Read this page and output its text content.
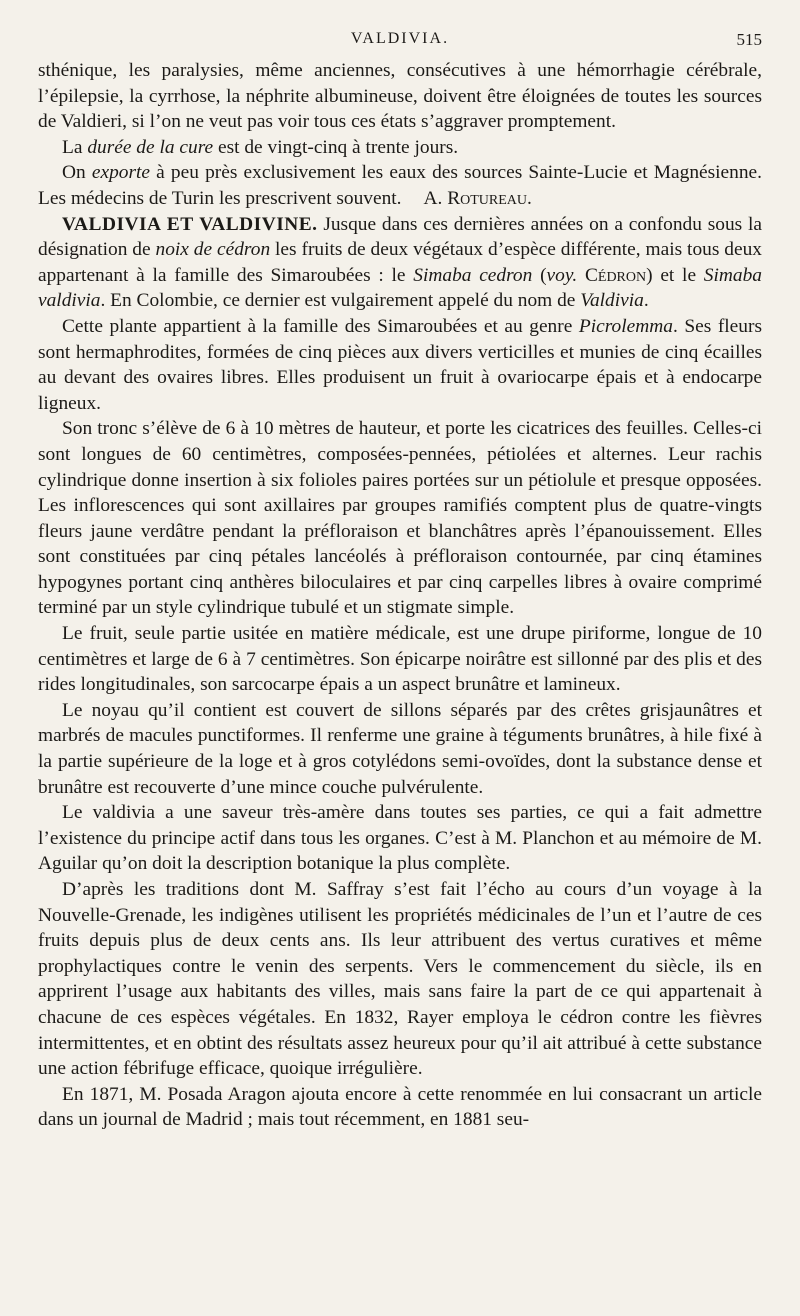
VALDIVIA.	515

sthénique, les paralysies, même anciennes, consécutives à une hémorrhagie cérébrale, l’épilepsie, la cyrrhose, la néphrite albumineuse, doivent être éloignées de toutes les sources de Valdieri, si l’on ne veut pas voir tous ces états s’aggraver promptement.

La durée de la cure est de vingt-cinq à trente jours.

On exporte à peu près exclusivement les eaux des sources Sainte-Lucie et Magnésienne. Les médecins de Turin les prescrivent souvent. A. Rotureau.

VALDIVIA ET VALDIVINE. Jusque dans ces dernières années on a confondu sous la désignation de noix de cédron les fruits de deux végétaux d’espèce différente, mais tous deux appartenant à la famille des Simaroubées : le Simaba cedron (voy. Cédron) et le Simaba valdivia. En Colombie, ce dernier est vulgairement appelé du nom de Valdivia.

Cette plante appartient à la famille des Simaroubées et au genre Picrolemma. Ses fleurs sont hermaphrodites, formées de cinq pièces aux divers verticilles et munies de cinq écailles au devant des ovaires libres. Elles produisent un fruit à ovariocarpe épais et à endocarpe ligneux.

Son tronc s’élève de 6 à 10 mètres de hauteur, et porte les cicatrices des feuilles. Celles-ci sont longues de 60 centimètres, composées-pennées, pétiolées et alternes. Leur rachis cylindrique donne insertion à six folioles paires portées sur un pétiolule et presque opposées. Les inflorescences qui sont axillaires par groupes ramifiés comptent plus de quatre-vingts fleurs jaune verdâtre pendant la préfloraison et blanchâtres après l’épanouissement. Elles sont constituées par cinq pétales lancéolés à préfloraison contournée, par cinq étamines hypogynes portant cinq anthères biloculaires et par cinq carpelles libres à ovaire comprimé terminé par un style cylindrique tubulé et un stigmate simple.

Le fruit, seule partie usitée en matière médicale, est une drupe piriforme, longue de 10 centimètres et large de 6 à 7 centimètres. Son épicarpe noirâtre est sillonné par des plis et des rides longitudinales, son sarcocarpe épais a un aspect brunâtre et lamineux.

Le noyau qu’il contient est couvert de sillons séparés par des crêtes grisjaunâtres et marbrés de macules punctiformes. Il renferme une graine à téguments brunâtres, à hile fixé à la partie supérieure de la loge et à gros cotylédons semi-ovoïdes, dont la substance dense et brunâtre est recouverte d’une mince couche pulvérulente.

Le valdivia a une saveur très-amère dans toutes ses parties, ce qui a fait admettre l’existence du principe actif dans tous les organes. C’est à M. Planchon et au mémoire de M. Aguilar qu’on doit la description botanique la plus complète.

D’après les traditions dont M. Saffray s’est fait l’écho au cours d’un voyage à la Nouvelle-Grenade, les indigènes utilisent les propriétés médicinales de l’un et l’autre de ces fruits depuis plus de deux cents ans. Ils leur attribuent des vertus curatives et même prophylactiques contre le venin des serpents. Vers le commencement du siècle, ils en apprirent l’usage aux habitants des villes, mais sans faire la part de ce qui appartenait à chacune de ces espèces végétales. En 1832, Rayer employa le cédron contre les fièvres intermittentes, et en obtint des résultats assez heureux pour qu’il ait attribué à cette substance une action fébrifuge efficace, quoique irrégulière.

En 1871, M. Posada Aragon ajouta encore à cette renommée en lui consacrant un article dans un journal de Madrid ; mais tout récemment, en 1881 seu-
